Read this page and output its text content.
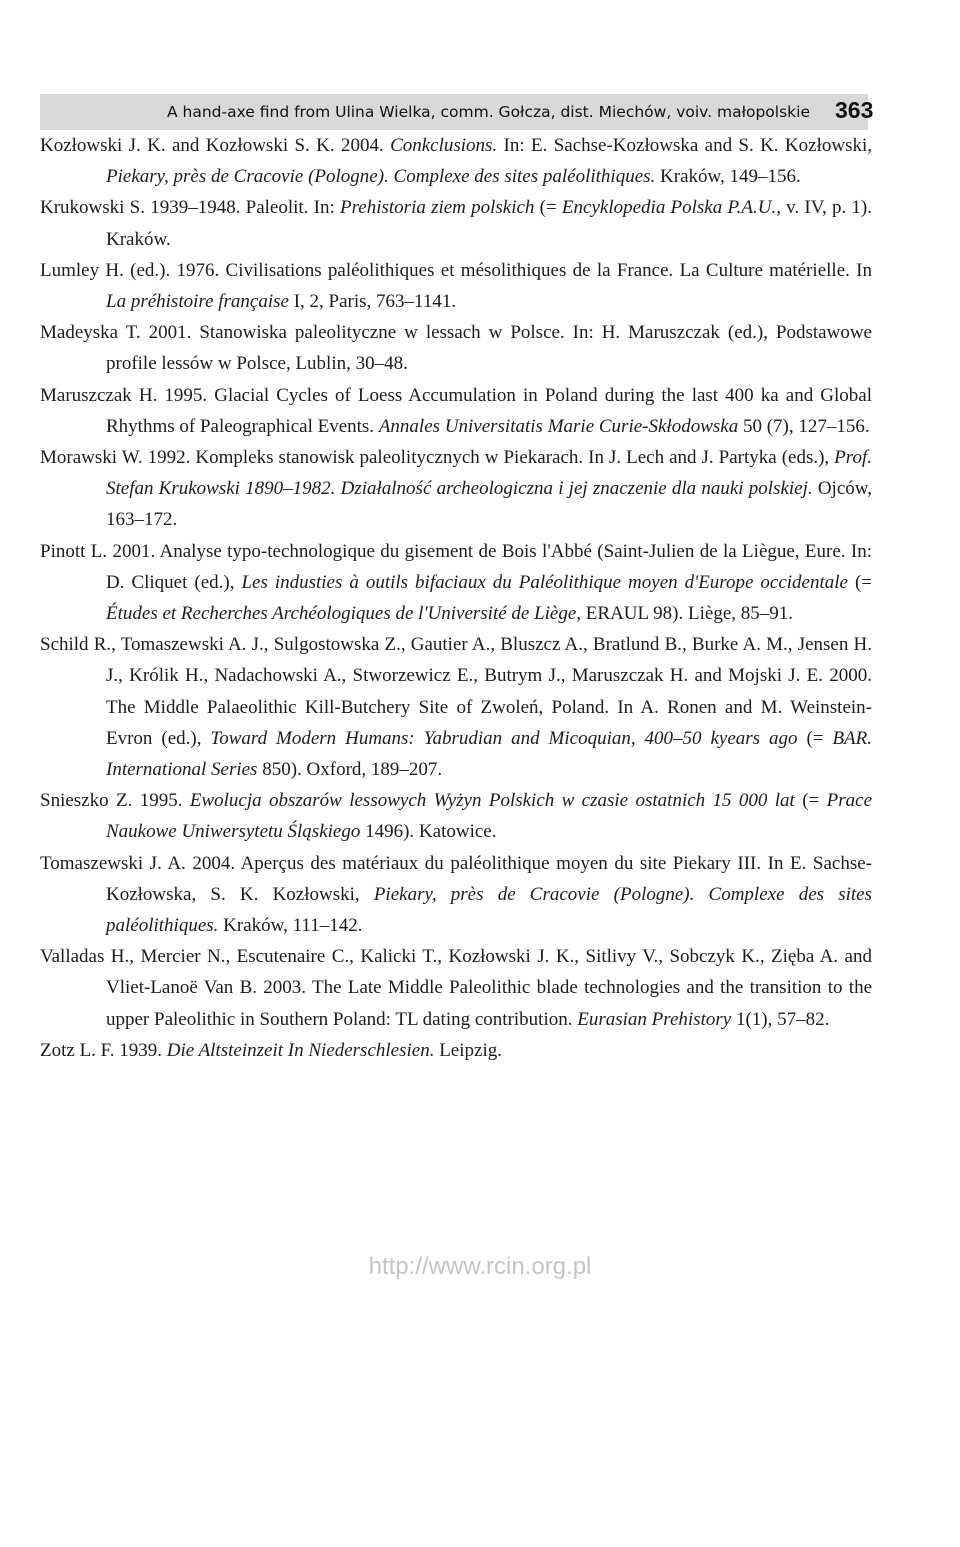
A hand-axe find from Ulina Wielka, comm. Gołcza, dist. Miechów, voiv. małopolskie 363
Kozłowski J. K. and Kozłowski S. K. 2004. Conkclusions. In: E. Sachse-Kozłowska and S. K. Kozłowski, Piekary, près de Cracovie (Pologne). Complexe des sites paléolithiques. Kraków, 149–156.
Krukowski S. 1939–1948. Paleolit. In: Prehistoria ziem polskich (= Encyklopedia Polska P.A.U., v. IV, p. 1). Kraków.
Lumley H. (ed.). 1976. Civilisations paléolithiques et mésolithiques de la France. La Culture matérielle. In La préhistoire française I, 2, Paris, 763–1141.
Madeyska T. 2001. Stanowiska paleolityczne w lessach w Polsce. In: H. Maruszczak (ed.), Podstawowe profile lessów w Polsce, Lublin, 30–48.
Maruszczak H. 1995. Glacial Cycles of Loess Accumulation in Poland during the last 400 ka and Global Rhythms of Paleographical Events. Annales Universitatis Marie Curie-Skłodowska 50 (7), 127–156.
Morawski W. 1992. Kompleks stanowisk paleolitycznych w Piekarach. In J. Lech and J. Partyka (eds.), Prof. Stefan Krukowski 1890–1982. Działalność archeologiczna i jej znaczenie dla nauki polskiej. Ojców, 163–172.
Pinott L. 2001. Analyse typo-technologique du gisement de Bois l'Abbé (Saint-Julien de la Liègue, Eure. In: D. Cliquet (ed.), Les industies à outils bifaciaux du Paléolithique moyen d'Europe occidentale (= Études et Recherches Archéologiques de l'Université de Liège, ERAUL 98). Liège, 85–91.
Schild R., Tomaszewski A. J., Sulgostowska Z., Gautier A., Bluszcz A., Bratlund B., Burke A. M., Jensen H. J., Królik H., Nadachowski A., Stworzewicz E., Butrym J., Maruszczak H. and Mojski J. E. 2000. The Middle Palaeolithic Kill-Butchery Site of Zwoleń, Poland. In A. Ronen and M. Weinstein-Evron (ed.), Toward Modern Humans: Yabrudian and Micoquian, 400–50 kyears ago (= BAR. International Series 850). Oxford, 189–207.
Snieszko Z. 1995. Ewolucja obszarów lessowych Wyżyn Polskich w czasie ostatnich 15 000 lat (= Prace Naukowe Uniwersytetu Śląskiego 1496). Katowice.
Tomaszewski J. A. 2004. Aperçus des matériaux du paléolithique moyen du site Piekary III. In E. Sachse-Kozłowska, S. K. Kozłowski, Piekary, près de Cracovie (Pologne). Complexe des sites paléolithiques. Kraków, 111–142.
Valladas H., Mercier N., Escutenaire C., Kalicki T., Kozłowski J. K., Sitlivy V., Sobczyk K., Zięba A. and Vliet-Lanoë Van B. 2003. The Late Middle Paleolithic blade technologies and the transition to the upper Paleolithic in Southern Poland: TL dating contribution. Eurasian Prehistory 1(1), 57–82.
Zotz L. F. 1939. Die Altsteinzeit In Niederschlesien. Leipzig.
http://www.rcin.org.pl
